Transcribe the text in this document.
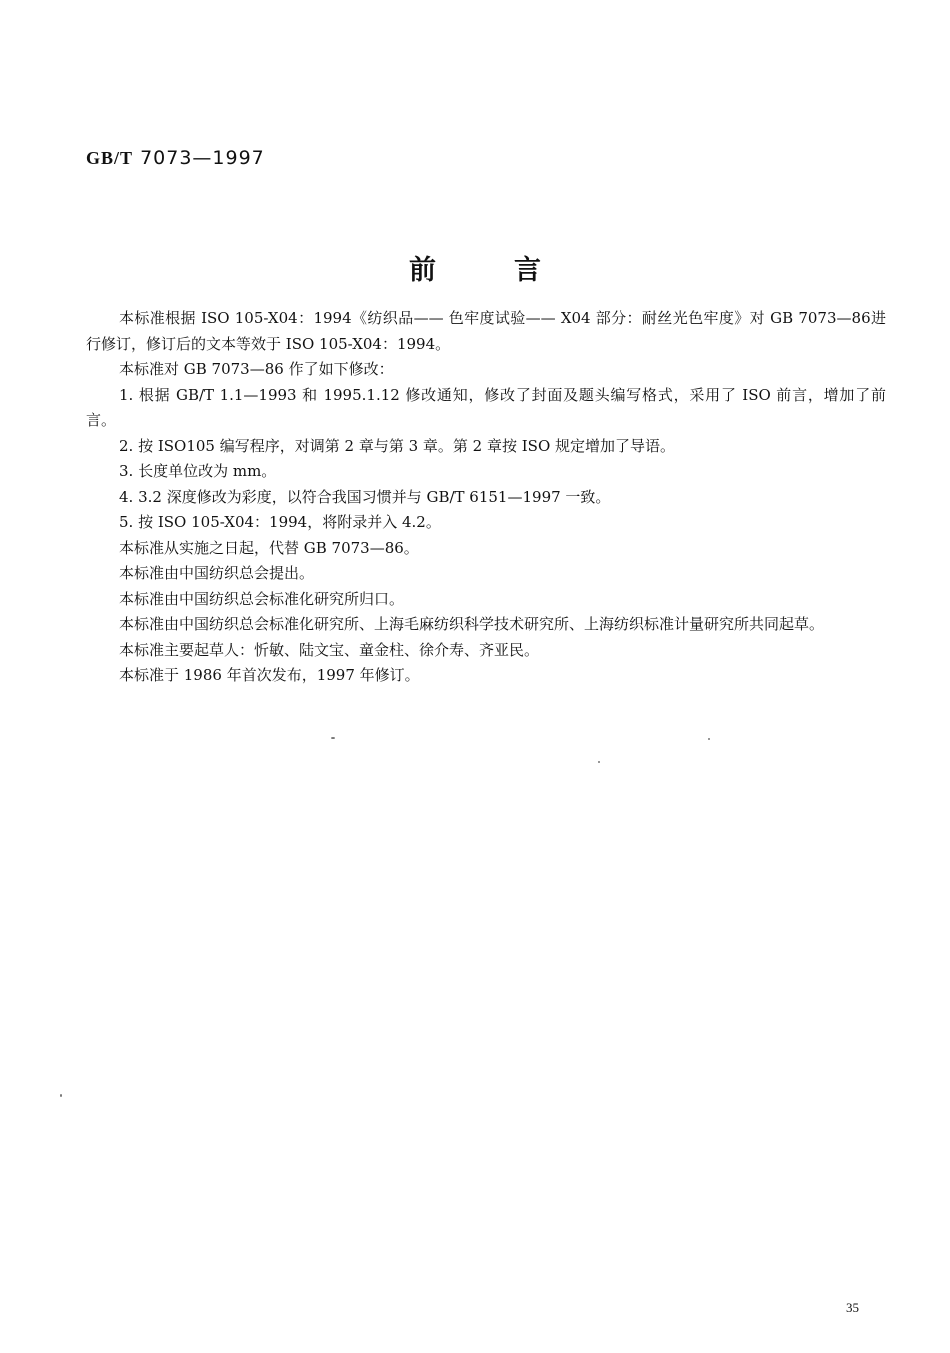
GB/T 7073—1997
前言

本标准根据 ISO 105-X04：1994《纺织品—— 色牢度试验—— X04 部分：耐丝光色牢度》对 GB 7073—86进行修订，修订后的文本等效于 ISO 105-X04：1994。

本标准对 GB 7073—86 作了如下修改：

1. 根据 GB/T 1.1—1993 和 1995.1.12 修改通知，修改了封面及题头编写格式，采用了 ISO 前言，增加了前言。

2. 按 ISO105 编写程序，对调第 2 章与第 3 章。第 2 章按 ISO 规定增加了导语。

3. 长度单位改为 mm。

4. 3.2 深度修改为彩度，以符合我国习惯并与 GB/T 6151—1997 一致。

5. 按 ISO 105-X04：1994，将附录并入 4.2。

本标准从实施之日起，代替 GB 7073—86。

本标准由中国纺织总会提出。

本标准由中国纺织总会标准化研究所归口。

本标准由中国纺织总会标准化研究所、上海毛麻纺织科学技术研究所、上海纺织标准计量研究所共同起草。

本标准主要起草人：忻敏、陆文宝、童金柱、徐介寿、齐亚民。

本标准于 1986 年首次发布，1997 年修订。

35
